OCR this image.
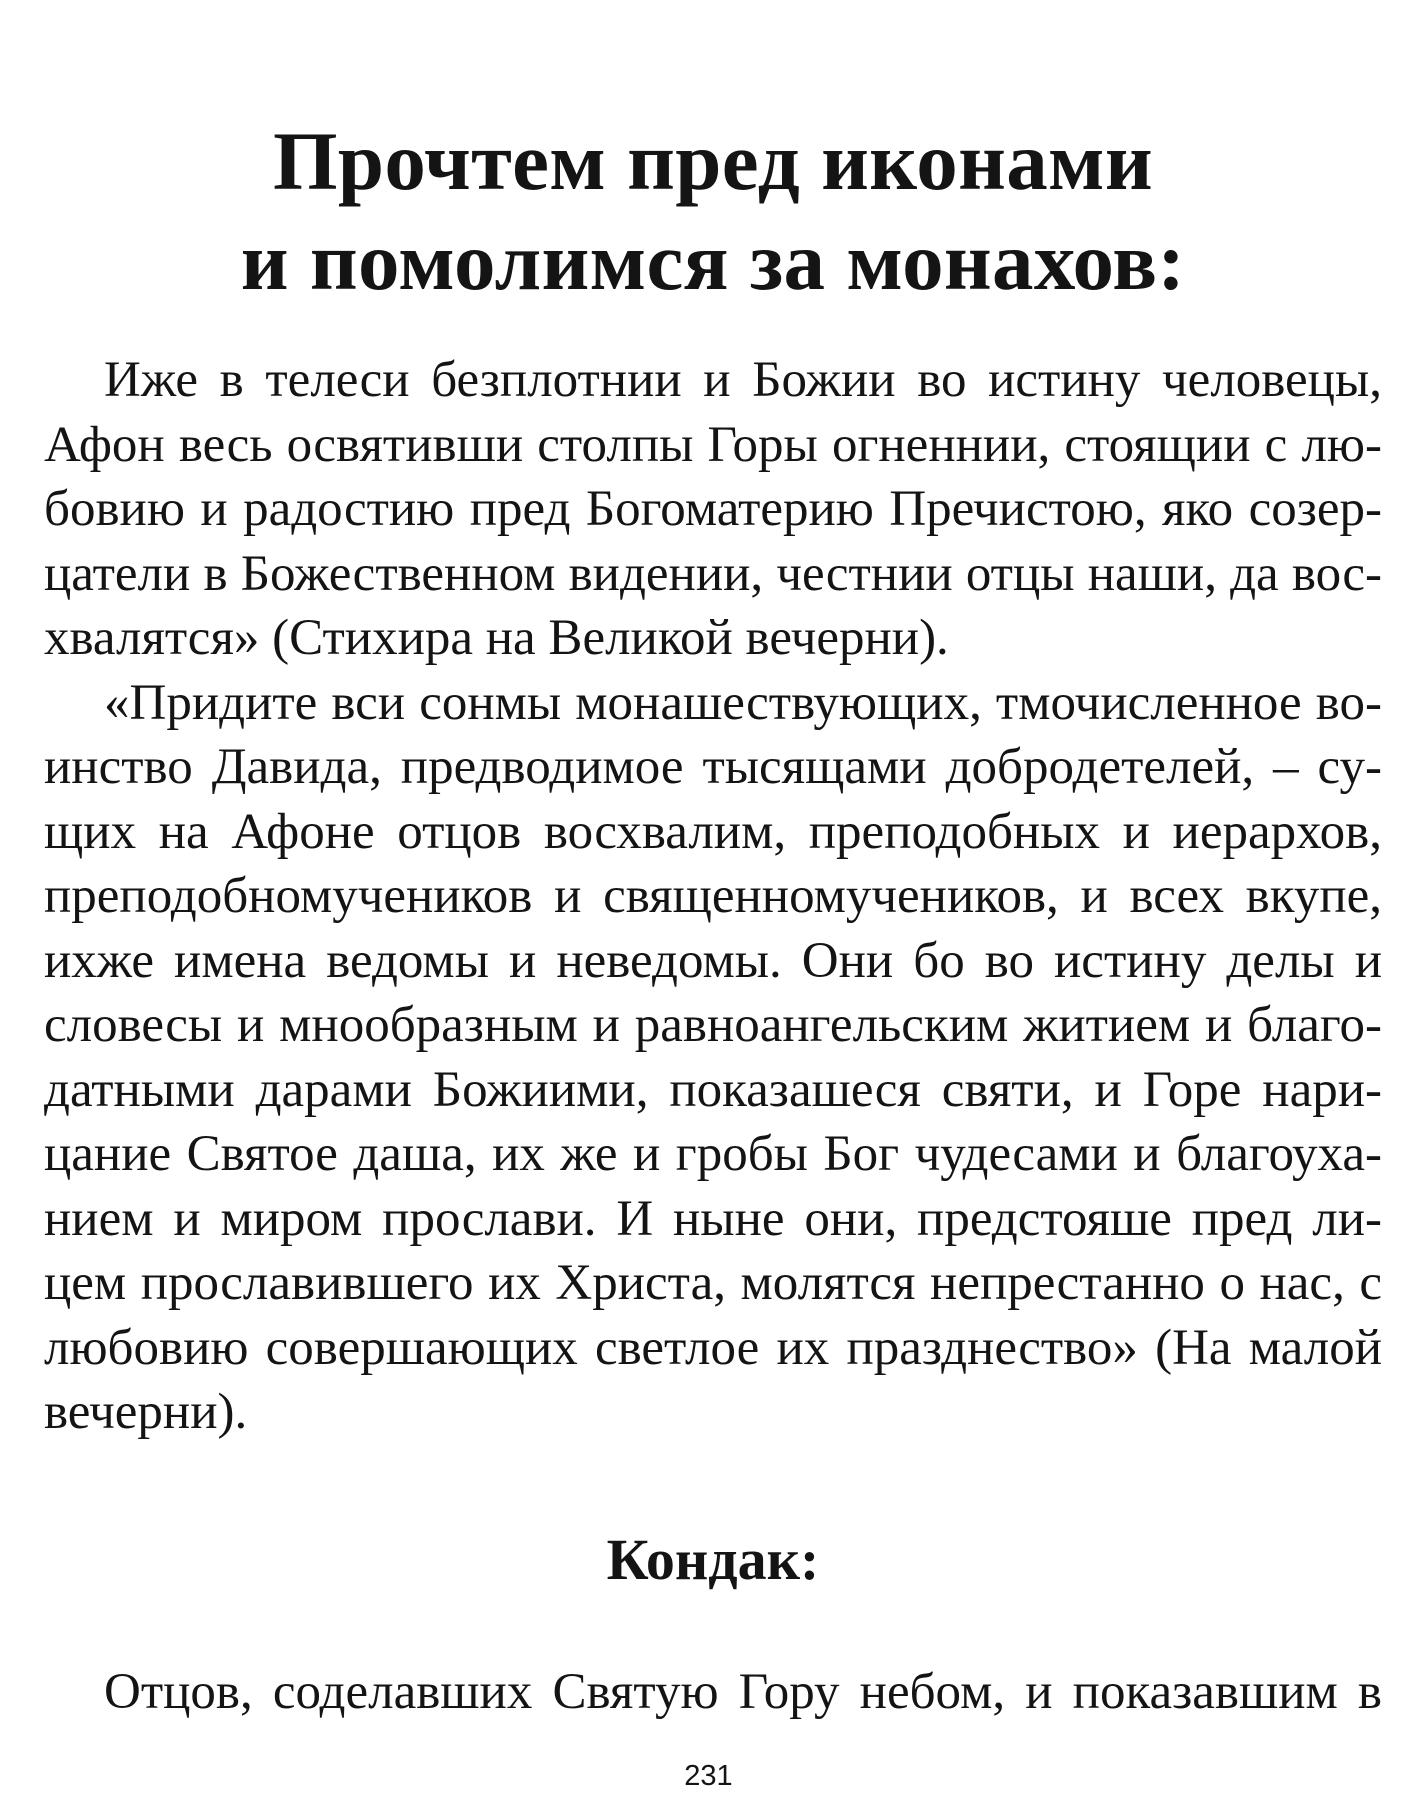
Прочтем пред иконами
и помолимся за монахов:
Иже в телеси безплотнии и Божии во истину человецы,
Афон весь освятивши столпы Горы огненнии, стоящии с лю-
бовию и радостию пред Богоматерию Пречистою, яко созер-
цатели в Божественном видении, честнии отцы наши, да вос-
хвалятся» (Стихира на Великой вечерни).
«Придите вси сонмы монашествующих, тмочисленное во-
инство Давида, предводимое тысящами добродетелей, – су-
щих на Афоне отцов восхвалим, преподобных и иерархов,
преподобномучеников и священномучеников, и всех вкупе,
ихже имена ведомы и неведомы. Они бо во истину делы и
словесы и мнообразным и равноангельским житием и благо-
датными дарами Божиими, показашеся святи, и Горе нари-
цание Святое даша, их же и гробы Бог чудесами и благоуха-
нием и миром прослави. И ныне они, предстояше пред ли-
цем прославившего их Христа, молятся непрестанно о нас, с
любовию совершающих светлое их празднество» (На малой
вечерни).
Кондак:
Отцов, соделавших Святую Гору небом, и показавшим в
231
